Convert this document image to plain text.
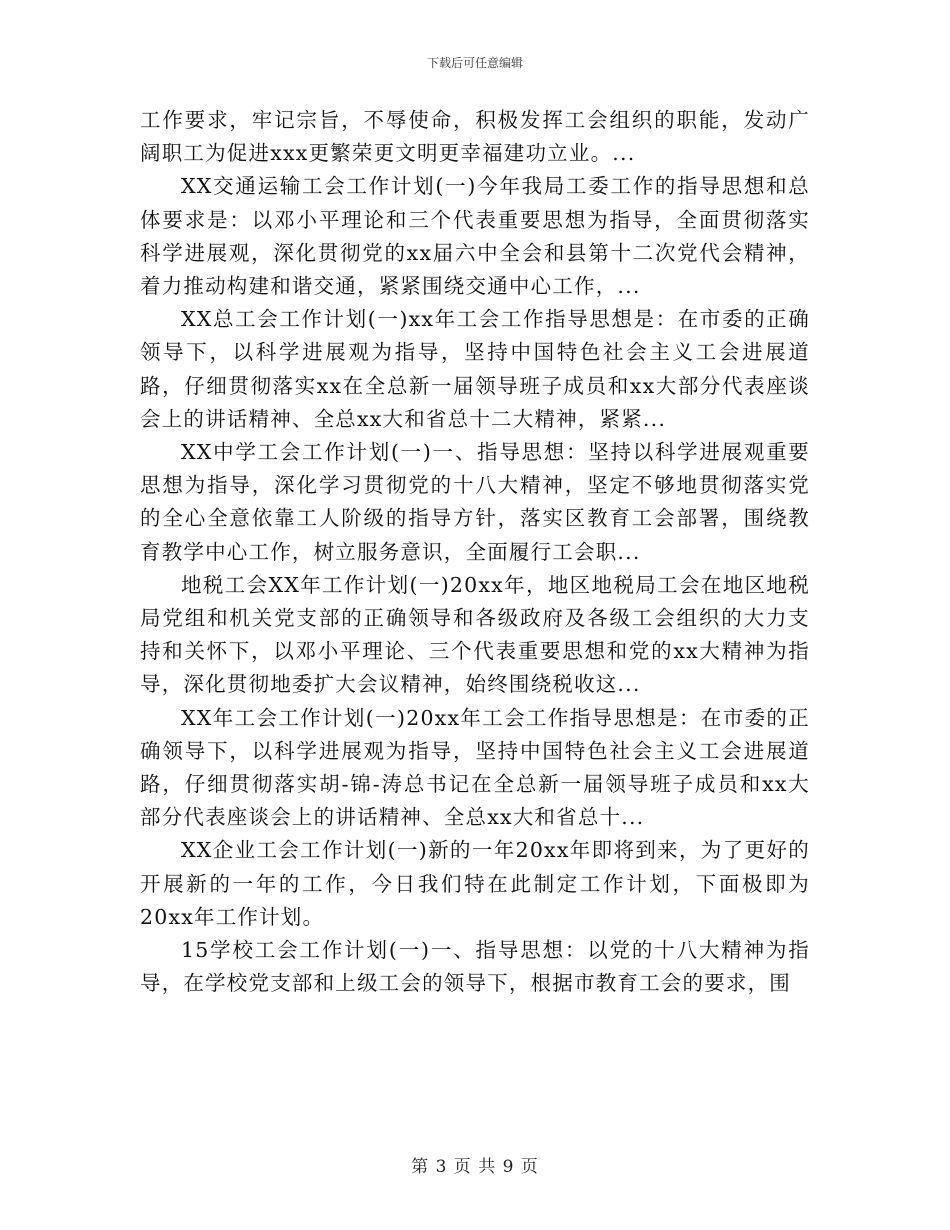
下载后可任意编辑

工作要求，牢记宗旨，不辱使命，积极发挥工会组织的职能，发动广阔职工为促进xxx更繁荣更文明更幸福建功立业。...

XX交通运输工会工作计划(一)今年我局工委工作的指导思想和总体要求是：以邓小平理论和三个代表重要思想为指导，全面贯彻落实科学进展观，深化贯彻党的xx届六中全会和县第十二次党代会精神，着力推动构建和谐交通，紧紧围绕交通中心工作，...

XX总工会工作计划(一)xx年工会工作指导思想是：在市委的正确领导下，以科学进展观为指导，坚持中国特色社会主义工会进展道路，仔细贯彻落实xx在全总新一届领导班子成员和xx大部分代表座谈会上的讲话精神、全总xx大和省总十二大精神，紧紧...

XX中学工会工作计划(一)一、指导思想：坚持以科学进展观重要思想为指导，深化学习贯彻党的十八大精神，坚定不够地贯彻落实党的全心全意依靠工人阶级的指导方针，落实区教育工会部署，围绕教育教学中心工作，树立服务意识，全面履行工会职...

地税工会XX年工作计划(一)20xx年，地区地税局工会在地区地税局党组和机关党支部的正确领导和各级政府及各级工会组织的大力支持和关怀下，以邓小平理论、三个代表重要思想和党的xx大精神为指导，深化贯彻地委扩大会议精神，始终围绕税收这...

XX年工会工作计划(一)20xx年工会工作指导思想是：在市委的正确领导下，以科学进展观为指导，坚持中国特色社会主义工会进展道路，仔细贯彻落实胡-锦-涛总书记在全总新一届领导班子成员和xx大部分代表座谈会上的讲话精神、全总xx大和省总十...

XX企业工会工作计划(一)新的一年20xx年即将到来，为了更好的开展新的一年的工作，今日我们特在此制定工作计划，下面极即为20xx年工作计划。

15学校工会工作计划(一)一、指导思想：以党的十八大精神为指导，在学校党支部和上级工会的领导下，根据市教育工会的要求，围

第 3 页 共 9 页
